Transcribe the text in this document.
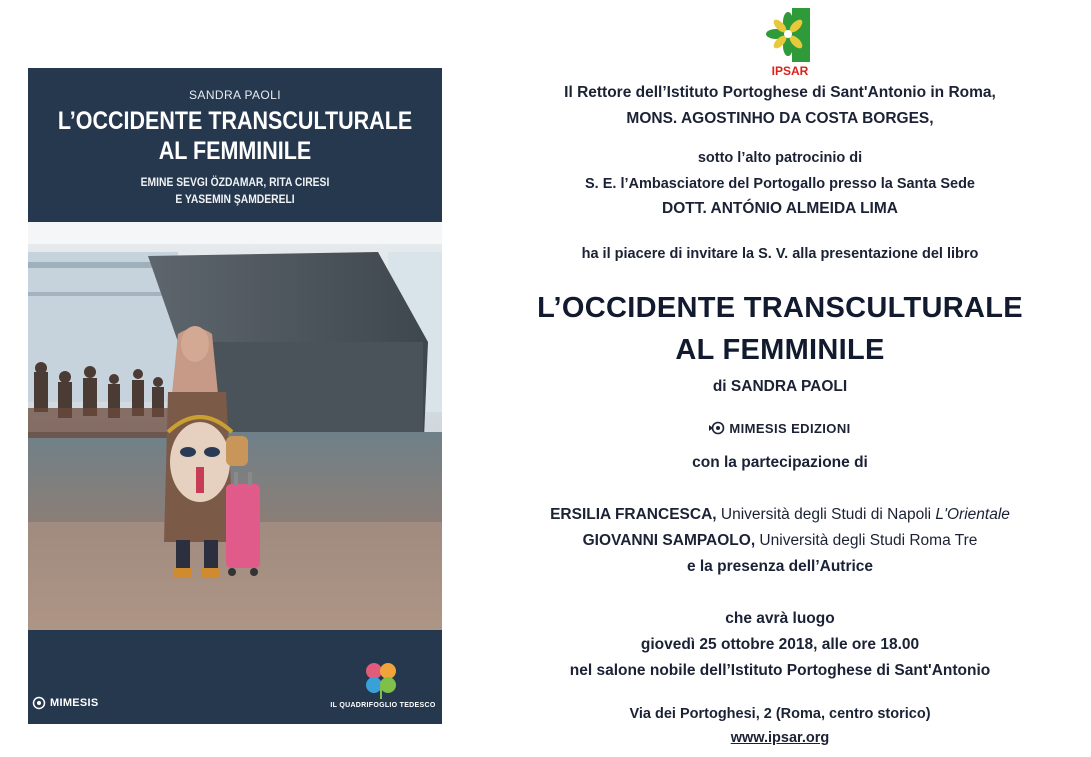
SANDRA PAOLI
L’OCCIDENTE TRANSCULTURALE
AL FEMMINILE
EMINE SEVGI ÖZDAMAR, RITA CIRESI
E YASEMIN ŞAMDERELI
MIMESIS	IL QUADRIFOGLIO TEDESCO
IPSAR
Il Rettore dell’Istituto Portoghese di Sant'Antonio in Roma,
MONS. AGOSTINHO DA COSTA BORGES,
sotto l’alto patrocinio di
S. E. l’Ambasciatore del Portogallo presso la Santa Sede
DOTT. ANTÓNIO ALMEIDA LIMA
ha il piacere di invitare la S. V. alla presentazione del libro
L’OCCIDENTE TRANSCULTURALE
AL FEMMINILE
di SANDRA PAOLI
MIMESIS EDIZIONI
con la partecipazione di
ERSILIA FRANCESCA, Università degli Studi di Napoli L'Orientale
GIOVANNI SAMPAOLO, Università degli Studi Roma Tre
e la presenza dell’Autrice
che avrà luogo
giovedì 25 ottobre 2018, alle ore 18.00
nel salone nobile dell’Istituto Portoghese di Sant'Antonio
Via dei Portoghesi, 2 (Roma, centro storico)
www.ipsar.org
